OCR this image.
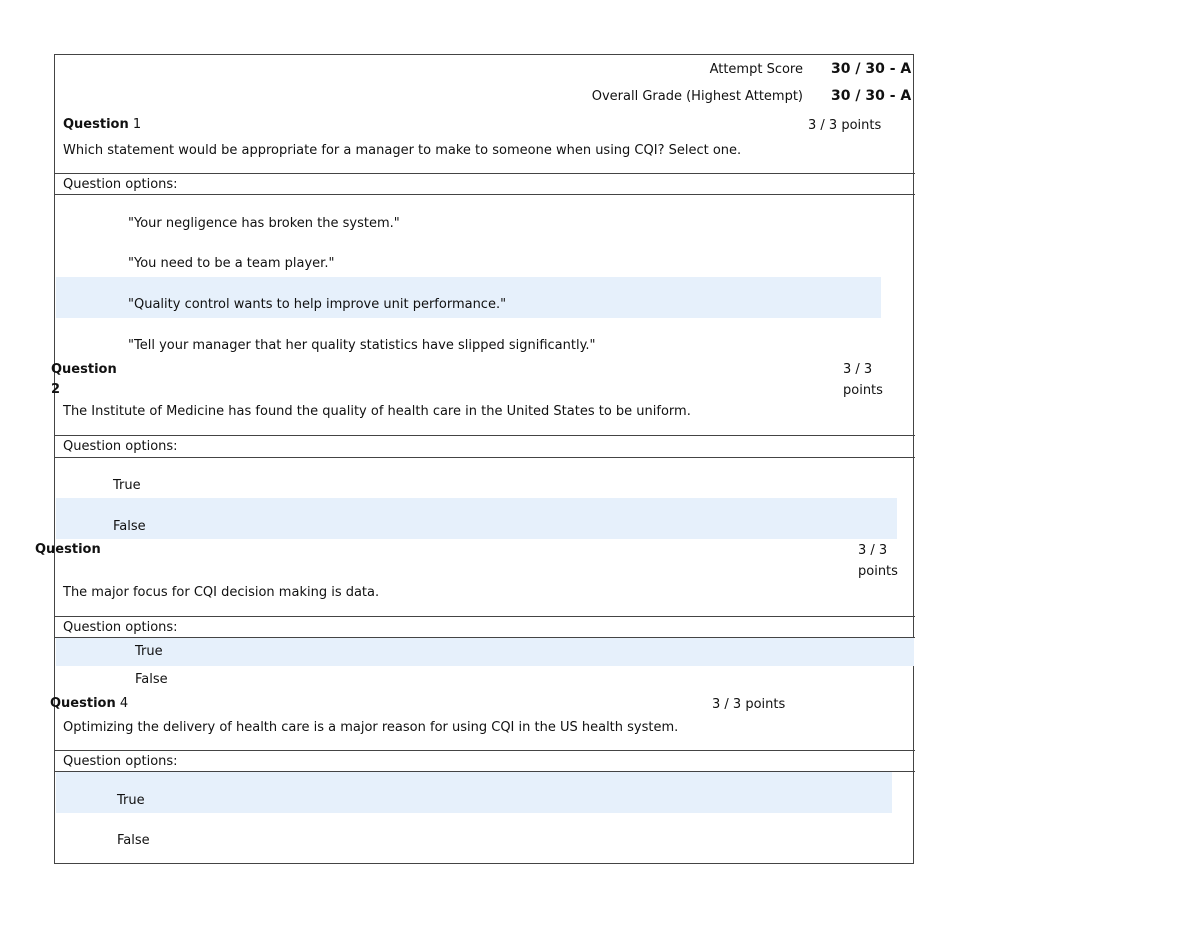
Attempt Score 30 / 30 - A
Overall Grade (Highest Attempt) 30 / 30 - A
Question 1	3 / 3 points
Which statement would be appropriate for a manager to make to someone when using CQI? Select one.
Question options:
"Your negligence has broken the system."
"You need to be a team player."
"Quality control wants to help improve unit performance."
"Tell your manager that her quality statistics have slipped significantly."
Question
2
3 / 3
points
The Institute of Medicine has found the quality of health care in the United States to be uniform.
Question options:
True
False
Question	3 / 3
points
The major focus for CQI decision making is data.
Question options:
True
False
Question 4	3 / 3 points
Optimizing the delivery of health care is a major reason for using CQI in the US health system.
Question options:
True
False
